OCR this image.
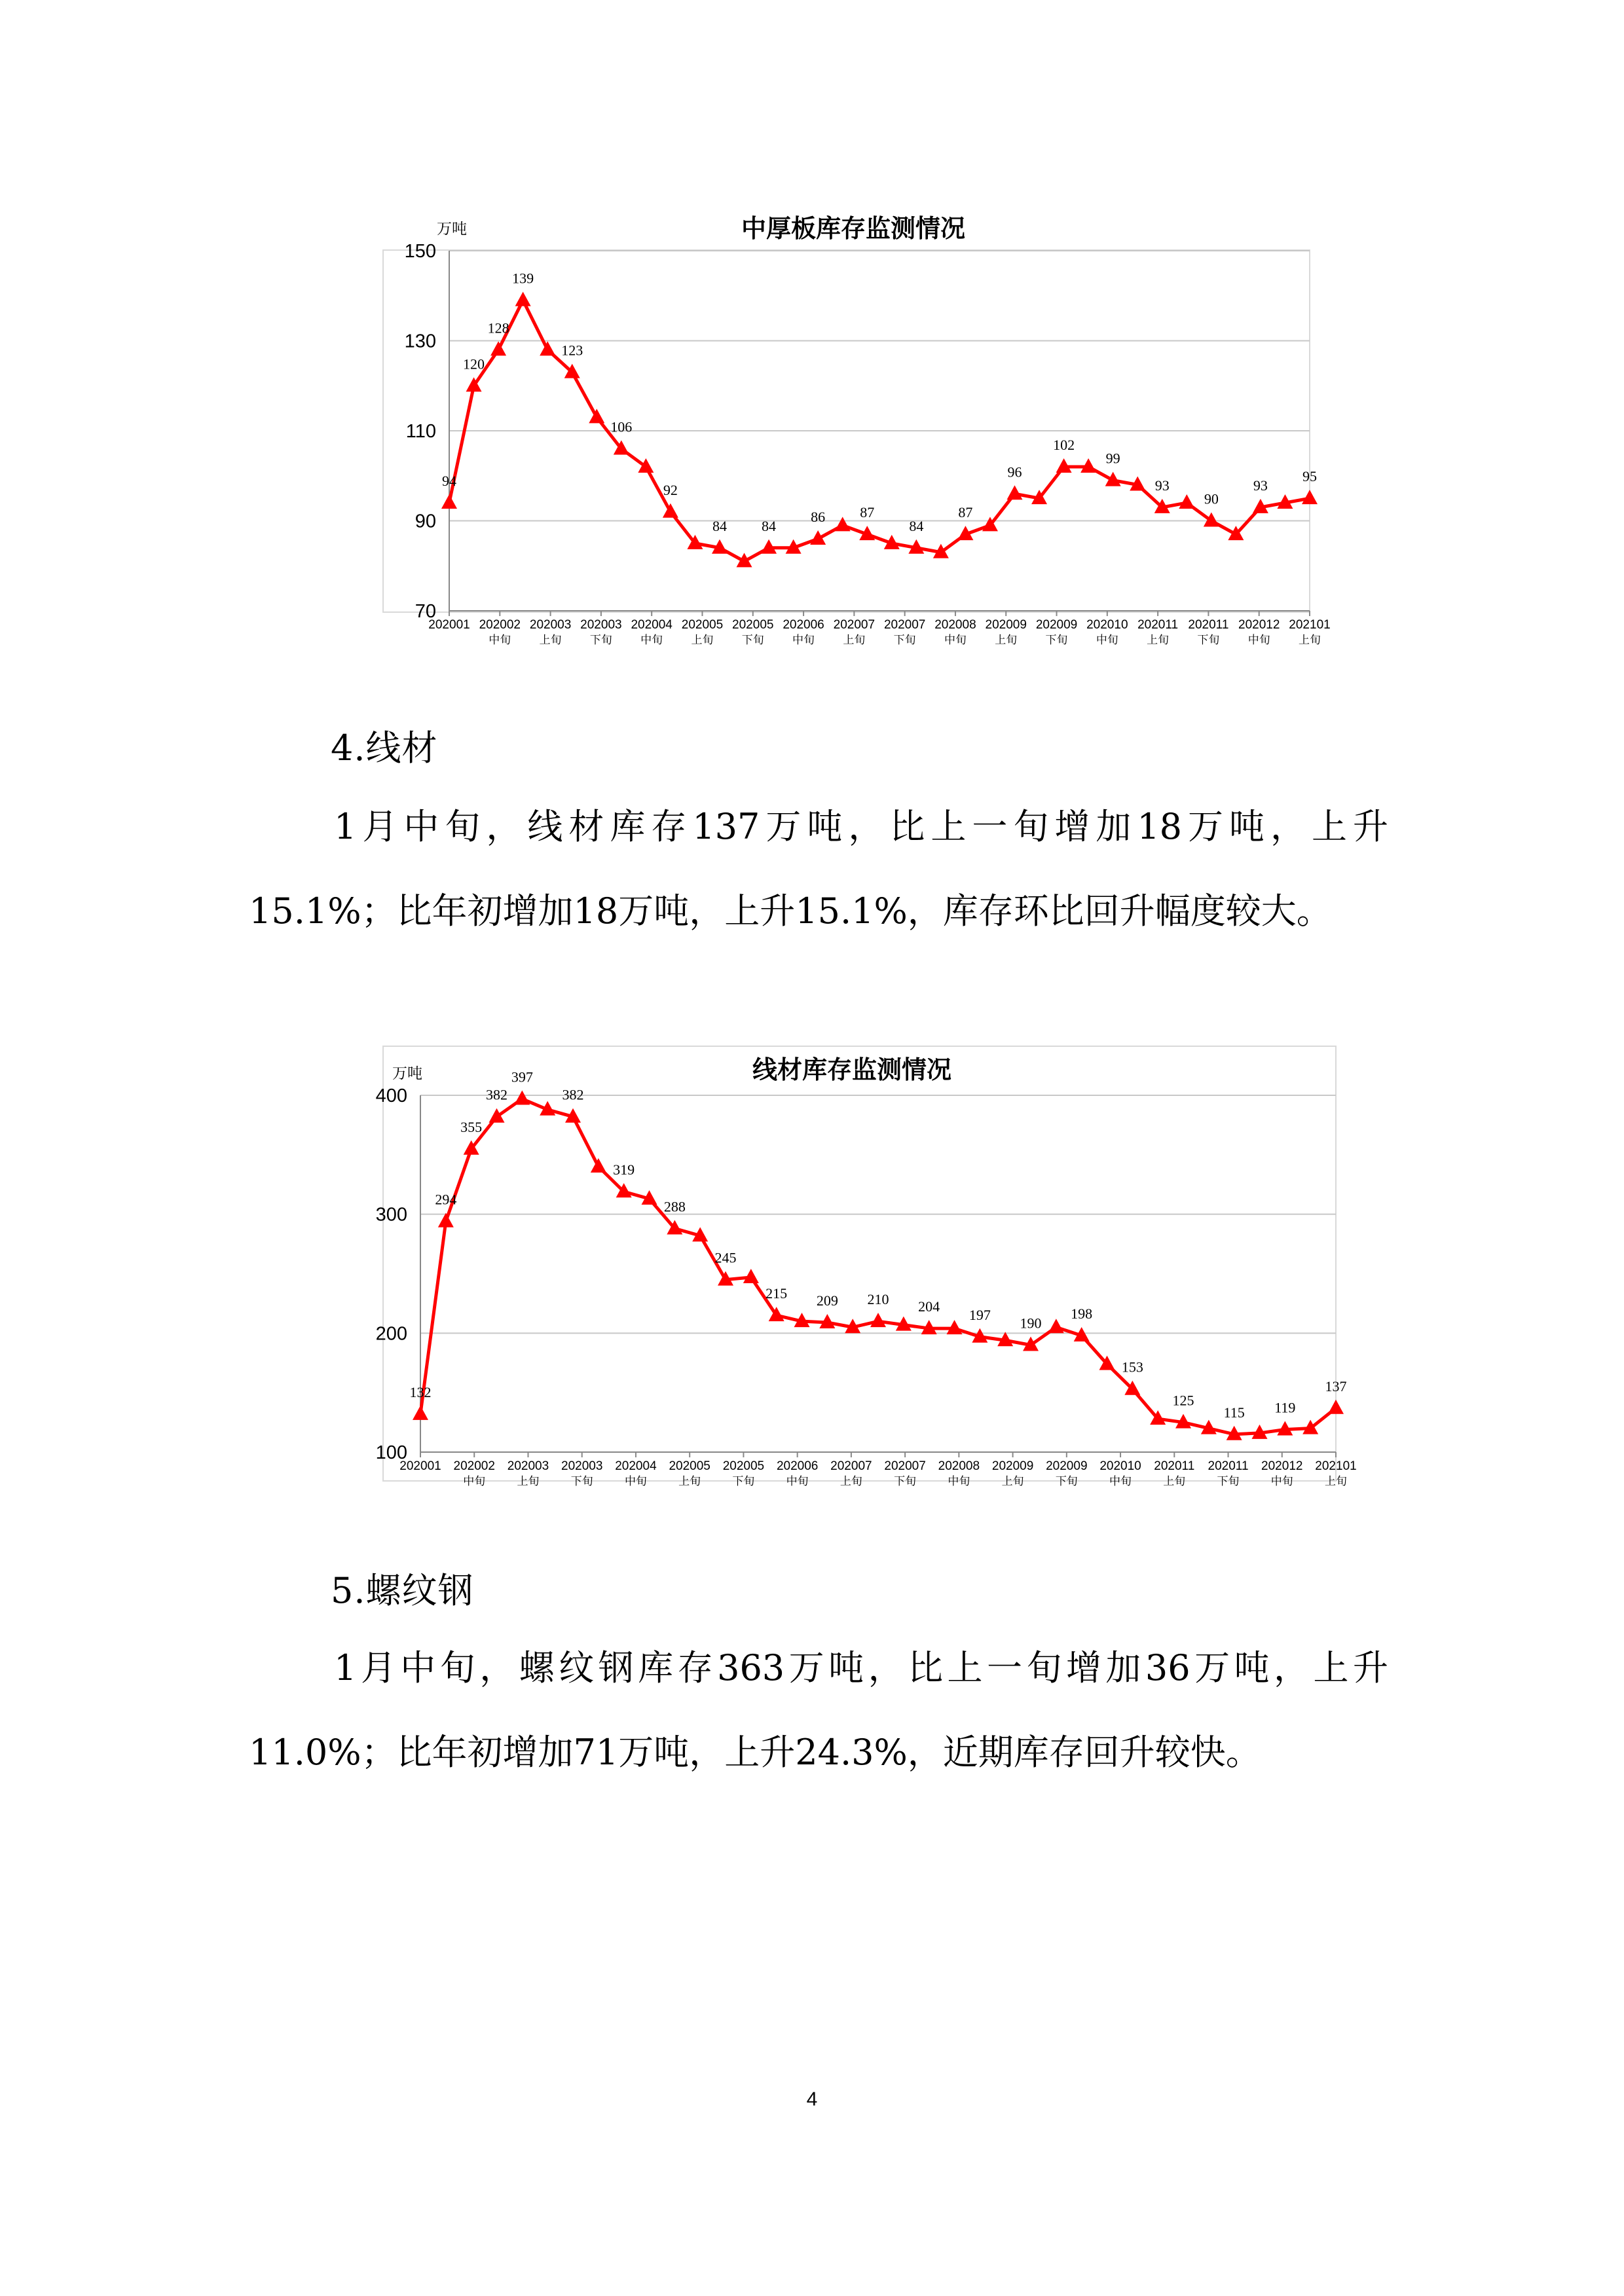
中厚板库存监测情况
万吨
70
90
110
130
150
202001 202002
中旬
202003
上旬
202003
下旬
202004
中旬
202005
上旬
202005
下旬
202006
中旬
202007
上旬
202007
下旬
202008
中旬
202009
上旬
202009
下旬
202010
中旬
202011
上旬
202011
下旬
202012
中旬
202101
上旬
94
120
128
139
123
106
92
84 84
86 87
84
87
96
102
99
93
90
93
95
4.线材
1月中旬，线材库存137万吨，比上一旬增加18万吨，上升15.1%；比年初增加18万吨，上升15.1%，库存环比回升幅度较大。
线材库存监测情况
万吨
100
200
300
400
202001 202002
中旬
202003
上旬
202003
下旬
202004
中旬
202005
上旬
202005
下旬
202006
中旬
202007
上旬
202007
下旬
202008
中旬
202009
上旬
202009
下旬
202010
中旬
202011
上旬
202011
下旬
202012
中旬
202101
上旬
132
294
355
382
397
382
319
288
245
215 209 210 204
197
190
198
153
125
115 119
137
5.螺纹钢
1月中旬，螺纹钢库存363万吨，比上一旬增加36万吨，上升11.0%；比年初增加71万吨，上升24.3%，近期库存回升较快。
4
